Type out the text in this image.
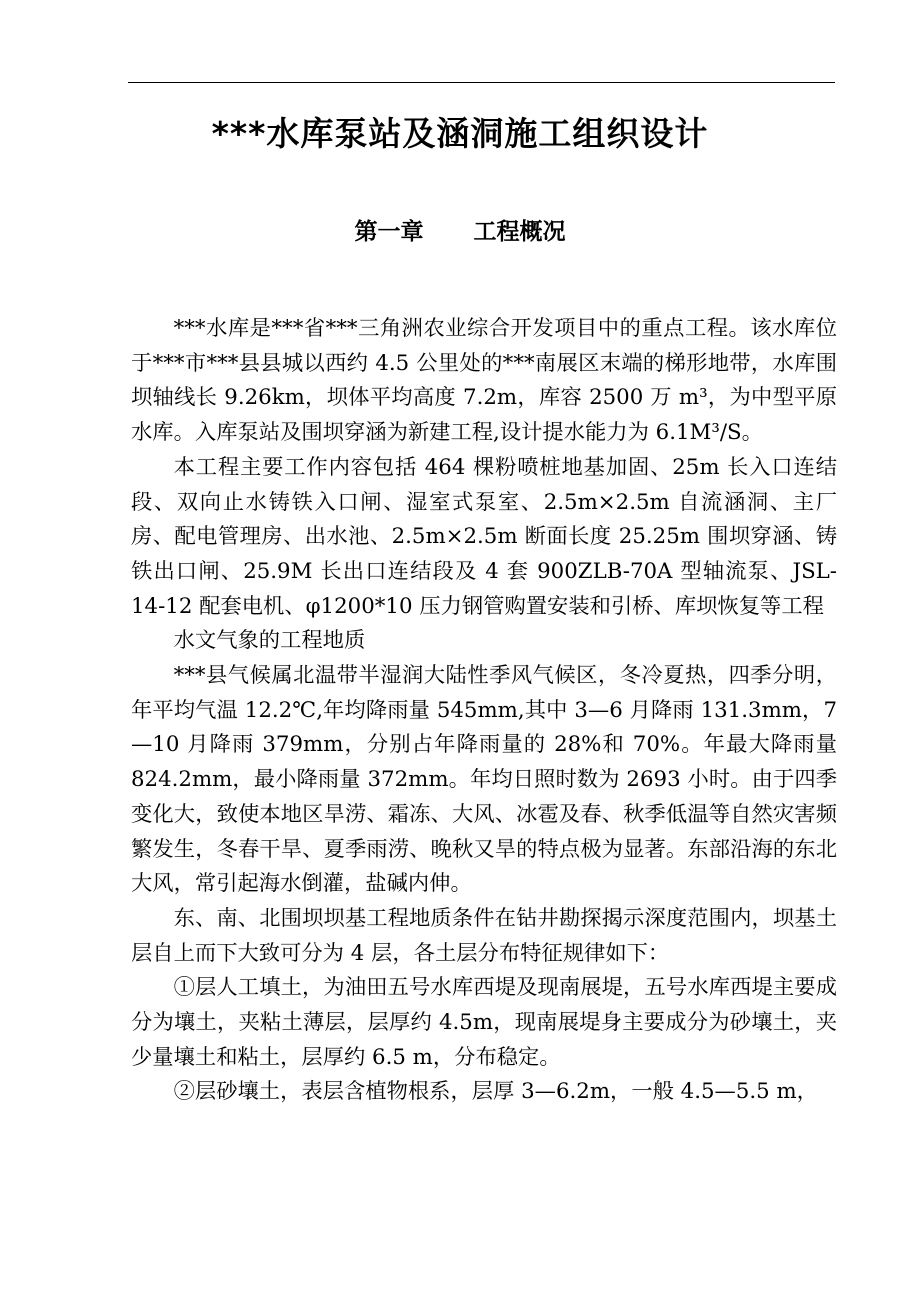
***水库泵站及涵洞施工组织设计
第一章 工程概况

***水库是***省***三角洲农业综合开发项目中的重点工程。该水库位于***市***县县城以西约 4.5 公里处的***南展区末端的梯形地带，水库围坝轴线长 9.26km，坝体平均高度 7.2m，库容 2500 万 m³，为中型平原水库。入库泵站及围坝穿涵为新建工程,设计提水能力为 6.1M³/S。

本工程主要工作内容包括 464 棵粉喷桩地基加固、25m 长入口连结段、双向止水铸铁入口闸、湿室式泵室、2.5m×2.5m 自流涵洞、主厂房、配电管理房、出水池、2.5m×2.5m 断面长度 25.25m 围坝穿涵、铸铁出口闸、25.9M 长出口连结段及 4 套 900ZLB-70A 型轴流泵、JSL-14-12 配套电机、φ1200*10 压力钢管购置安装和引桥、库坝恢复等工程

水文气象的工程地质

***县气候属北温带半湿润大陆性季风气候区，冬冷夏热，四季分明，年平均气温 12.2℃,年均降雨量 545mm,其中 3—6 月降雨 131.3mm，7—10 月降雨 379mm，分别占年降雨量的 28%和 70%。年最大降雨量 824.2mm，最小降雨量 372mm。年均日照时数为 2693 小时。由于四季变化大，致使本地区旱涝、霜冻、大风、冰雹及春、秋季低温等自然灾害频繁发生，冬春干旱、夏季雨涝、晚秋又旱的特点极为显著。东部沿海的东北大风，常引起海水倒灌，盐碱内伸。

东、南、北围坝坝基工程地质条件在钻井勘探揭示深度范围内，坝基土层自上而下大致可分为 4 层，各土层分布特征规律如下：

①层人工填土，为油田五号水库西堤及现南展堤，五号水库西堤主要成分为壤土，夹粘土薄层，层厚约 4.5m，现南展堤身主要成分为砂壤土，夹少量壤土和粘土，层厚约 6.5 m，分布稳定。

②层砂壤土，表层含植物根系，层厚 3—6.2m，一般 4.5—5.5 m，
